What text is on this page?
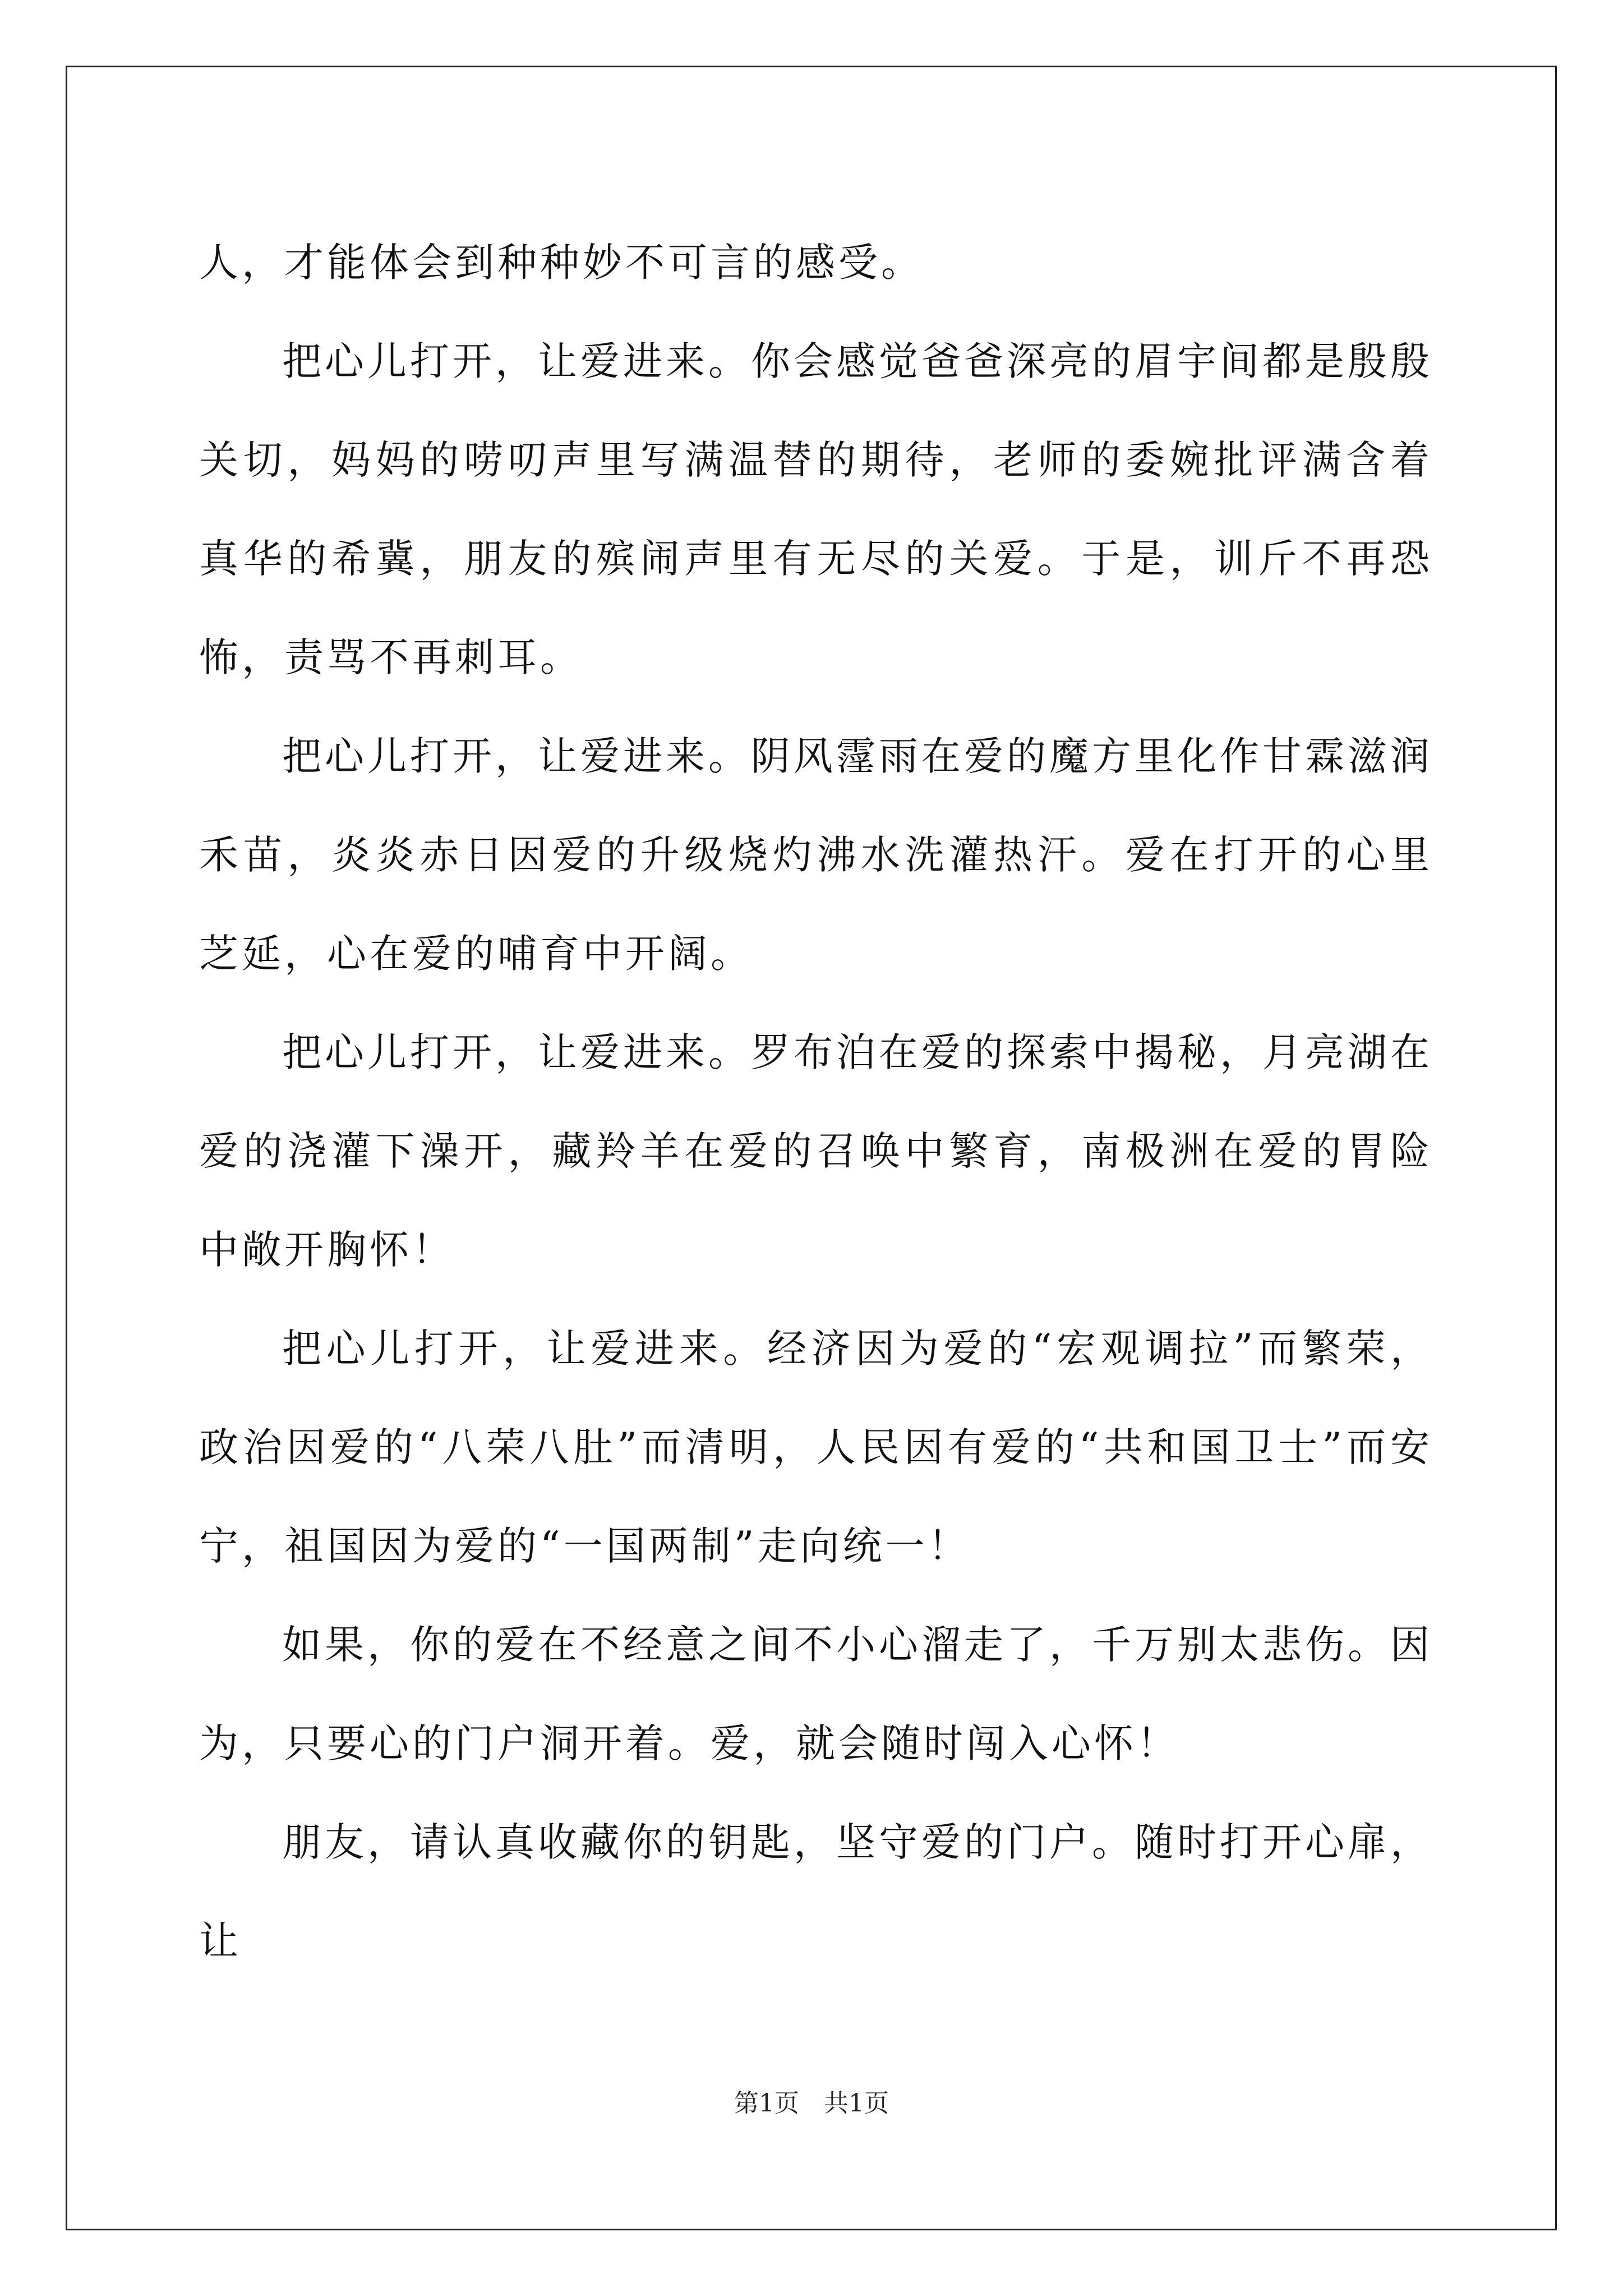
人，才能体会到种种妙不可言的感受。

把心儿打开，让爱进来。你会感觉爸爸深亮的眉宇间都是殷殷关切，妈妈的唠叨声里写满温替的期待，老师的委婉批评满含着真华的希冀，朋友的殡闹声里有无尽的关爱。于是，训斤不再恐怖，责骂不再刺耳。

把心儿打开，让爱进来。阴风霪雨在爱的魔方里化作甘霖滋润禾苗，炎炎赤日因爱的升级烧灼沸水洗灌热汗。爱在打开的心里芝延，心在爱的哺育中开阔。

把心儿打开，让爱进来。罗布泊在爱的探索中揭秘，月亮湖在爱的浇灌下澡开，藏羚羊在爱的召唤中繁育，南极洲在爱的胃险中敞开胸怀！

把心儿打开，让爱进来。经济因为爱的“宏观调拉”而繁荣，政治因爱的“八荣八肚”而清明，人民因有爱的“共和国卫士”而安宁，祖国因为爱的“一国两制”走向统一！

如果，你的爱在不经意之间不小心溜走了，千万别太悲伤。因为，只要心的门户洞开着。爱，就会随时闯入心怀！

朋友，请认真收藏你的钥匙，坚守爱的门户。随时打开心扉，让

第1页　共1页
